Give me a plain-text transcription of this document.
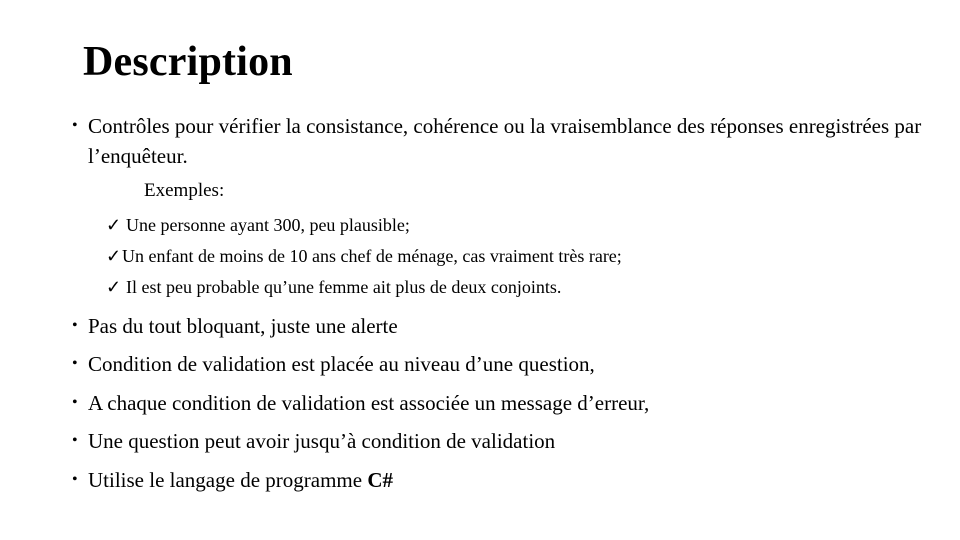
Description
• Contrôles pour vérifier la consistance, cohérence ou la vraisemblance des réponses enregistrées par l’enquêteur.
Exemples:
✓ Une personne ayant 300, peu plausible;
✓Un enfant de moins de 10 ans chef de ménage, cas vraiment très rare;
✓ Il est peu probable qu’une femme ait plus de deux conjoints.
• Pas du tout bloquant, juste une alerte
• Condition de validation est placée au niveau d’une question,
• A chaque condition de validation est associée un message d’erreur,
• Une question peut avoir jusqu’à condition de validation
• Utilise le langage de programme C#
